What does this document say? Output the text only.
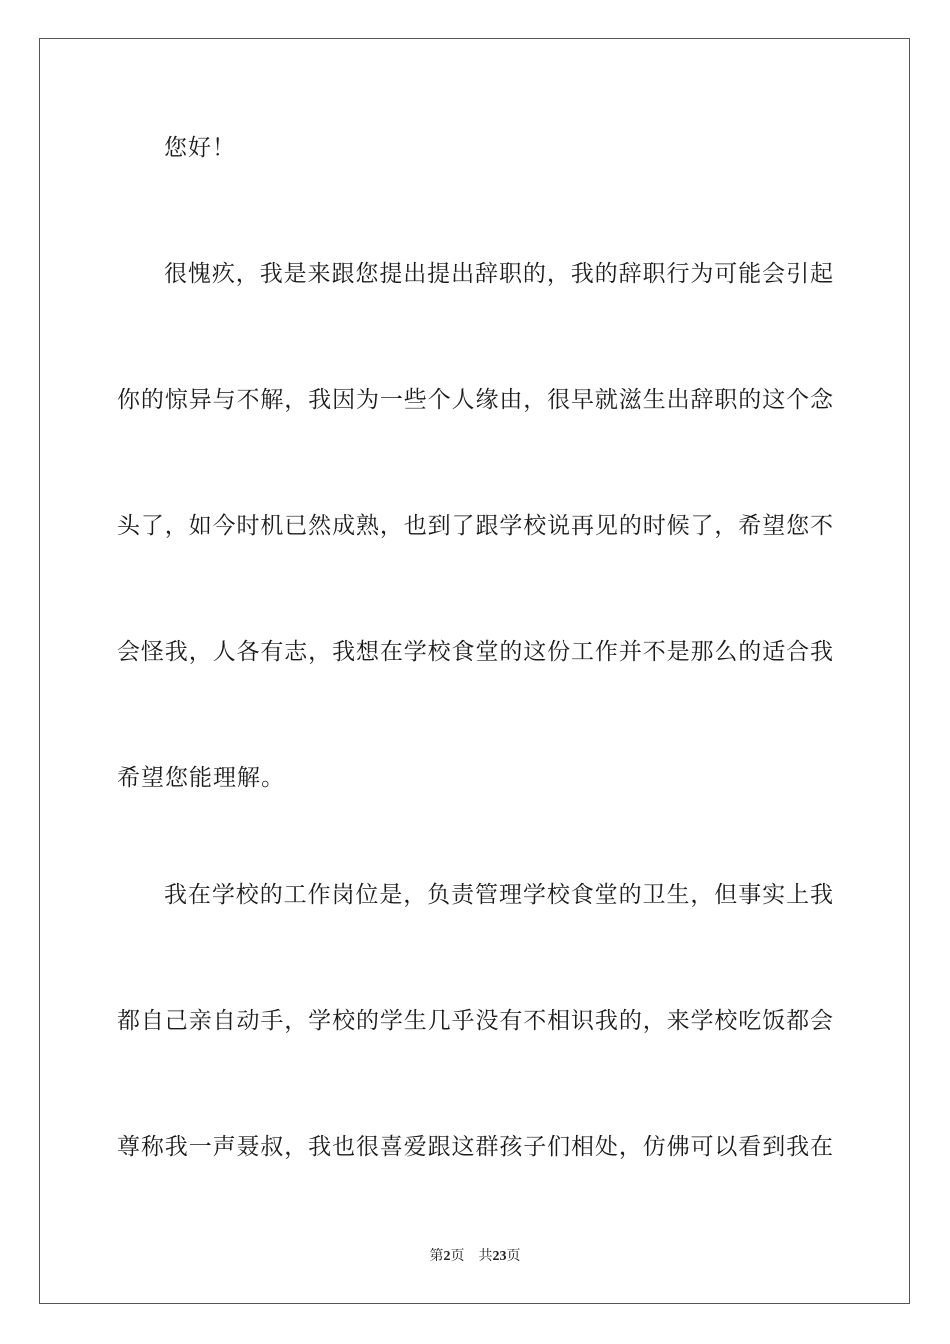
您好！
很愧疚，我是来跟您提出提出辞职的，我的辞职行为可能会引起
你的惊异与不解，我因为一些个人缘由，很早就滋生出辞职的这个念
头了，如今时机已然成熟，也到了跟学校说再见的时候了，希望您不
会怪我，人各有志，我想在学校食堂的这份工作并不是那么的适合我
希望您能理解。
我在学校的工作岗位是，负责管理学校食堂的卫生，但事实上我
都自己亲自动手，学校的学生几乎没有不相识我的，来学校吃饭都会
尊称我一声聂叔，我也很喜爱跟这群孩子们相处，仿佛可以看到我在
第2页 共23页
